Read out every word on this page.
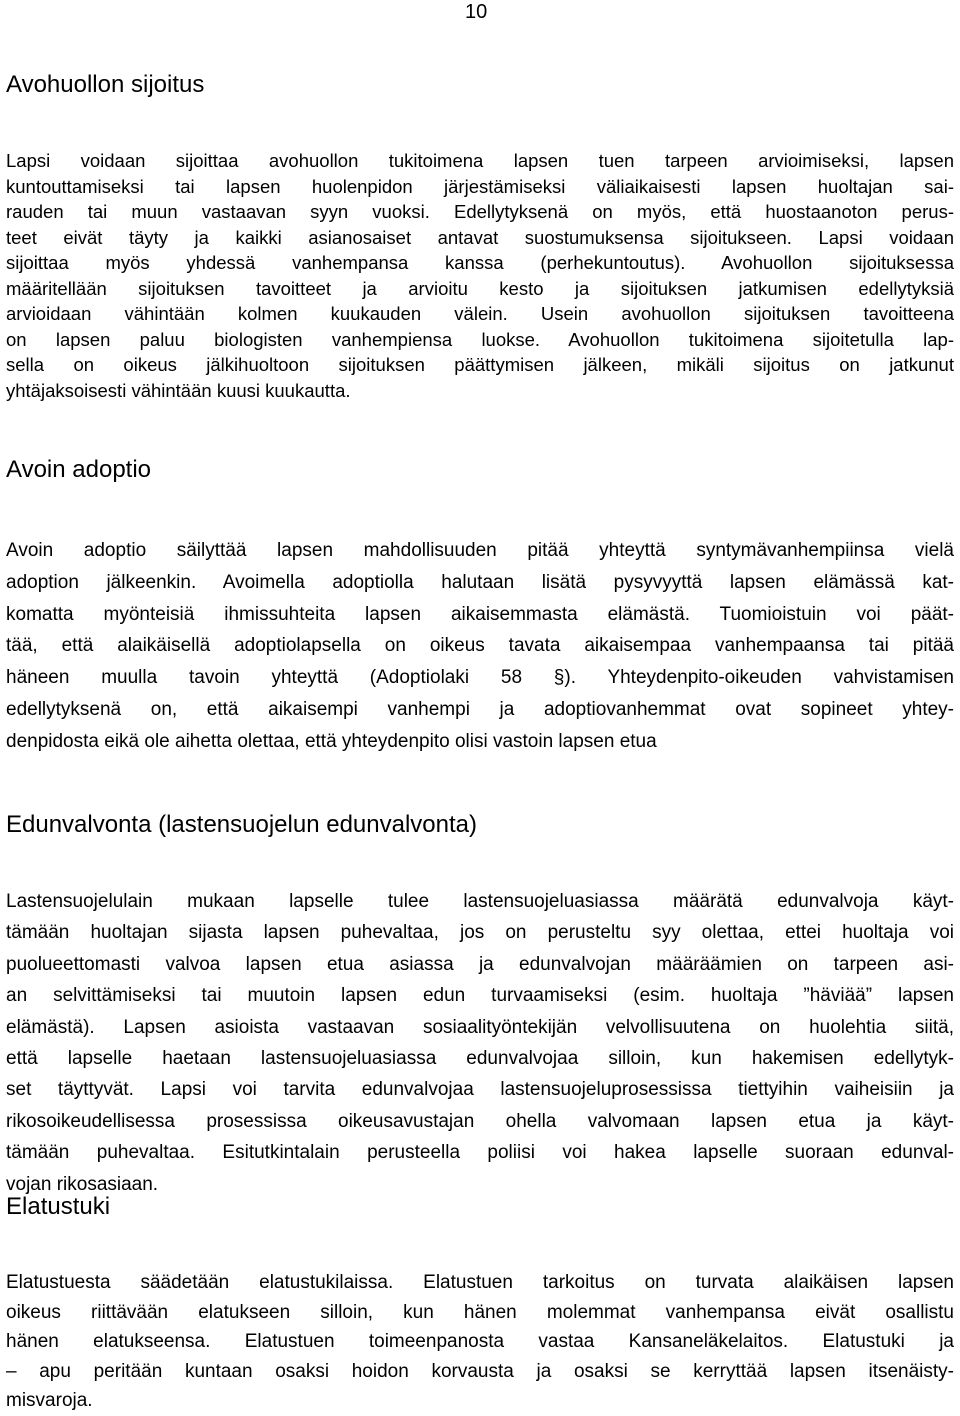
10
Avohuollon sijoitus

Lapsi voidaan sijoittaa avohuollon tukitoimena lapsen tuen tarpeen arvioimiseksi, lapsen
kuntouttamiseksi tai lapsen huolenpidon järjestämiseksi väliaikaisesti lapsen huoltajan sai-
rauden tai muun vastaavan syyn vuoksi. Edellytyksenä on myös, että huostaanoton perus-
teet eivät täyty ja kaikki asianosaiset antavat suostumuksensa sijoitukseen. Lapsi voidaan
sijoittaa myös yhdessä vanhempansa kanssa (perhekuntoutus). Avohuollon sijoituksessa
määritellään sijoituksen tavoitteet ja arvioitu kesto ja sijoituksen jatkumisen edellytyksiä
arvioidaan vähintään kolmen kuukauden välein. Usein avohuollon sijoituksen tavoitteena
on lapsen paluu biologisten vanhempiensa luokse. Avohuollon tukitoimena sijoitetulla lap-
sella on oikeus jälkihuoltoon sijoituksen päättymisen jälkeen, mikäli sijoitus on jatkunut
yhtäjaksoisesti vähintään kuusi kuukautta.

Avoin adoptio

Avoin adoptio säilyttää lapsen mahdollisuuden pitää yhteyttä syntymävanhempiinsa vielä
adoption jälkeenkin. Avoimella adoptiolla halutaan lisätä pysyvyyttä lapsen elämässä kat-
komatta myönteisiä ihmissuhteita lapsen aikaisemmasta elämästä. Tuomioistuin voi päät-
tää, että alaikäisellä adoptiolapsella on oikeus tavata aikaisempaa vanhempaansa tai pitää
häneen muulla tavoin yhteyttä (Adoptiolaki 58 §). Yhteydenpito-oikeuden vahvistamisen
edellytyksenä on, että aikaisempi vanhempi ja adoptiovanhemmat ovat sopineet yhtey-
denpidosta eikä ole aihetta olettaa, että yhteydenpito olisi vastoin lapsen etua

Edunvalvonta (lastensuojelun edunvalvonta)

Lastensuojelulain mukaan lapselle tulee lastensuojeluasiassa määrätä edunvalvoja käyt-
tämään huoltajan sijasta lapsen puhevaltaa, jos on perusteltu syy olettaa, ettei huoltaja voi
puolueettomasti valvoa lapsen etua asiassa ja edunvalvojan määräämien on tarpeen asi-
an selvittämiseksi tai muutoin lapsen edun turvaamiseksi (esim. huoltaja ”häviää” lapsen
elämästä). Lapsen asioista vastaavan sosiaalityöntekijän velvollisuutena on huolehtia siitä,
että lapselle haetaan lastensuojeluasiassa edunvalvojaa silloin, kun hakemisen edellytyk-
set täyttyvät. Lapsi voi tarvita edunvalvojaa lastensuojeluprosessissa tiettyihin vaiheisiin ja
rikosoikeudellisessa prosessissa oikeusavustajan ohella valvomaan lapsen etua ja käyt-
tämään puhevaltaa. Esitutkintalain perusteella poliisi voi hakea lapselle suoraan edunval-
vojan rikosasiaan.

Elatustuki

Elatustuesta säädetään elatustukilaissa. Elatustuen tarkoitus on turvata alaikäisen lapsen
oikeus riittävään elatukseen silloin, kun hänen molemmat vanhempansa eivät osallistu
hänen elatukseensa. Elatustuen toimeenpanosta vastaa Kansaneläkelaitos. Elatustuki ja
– apu peritään kuntaan osaksi hoidon korvausta ja osaksi se kerryttää lapsen itsenäisty-
misvaroja.
